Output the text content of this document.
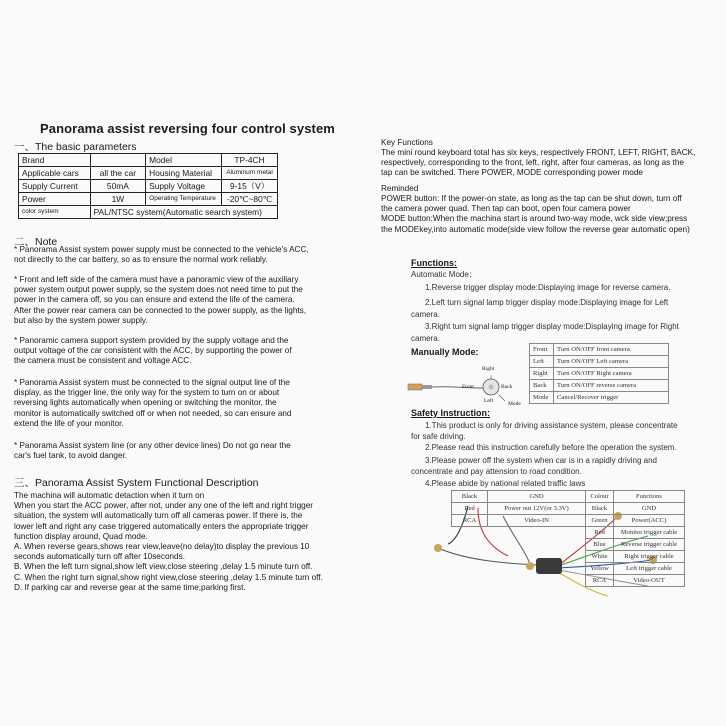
Panorama assist reversing four control system
一、The basic parameters
Brand		Model	TP-4CH
Applicable cars	all the car	Housing Material	Aluminum metal
Supply Current	50mA	Supply Voltage	9-15（V）
Power	1W	Operating Temperature	-20℃~80℃
color system	PAL/NTSC system(Automatic search system)		
二、Note
* Panorama Assist system power supply must be connected to the vehicle's ACC,
not directly to the car battery, so as to ensure the normal work reliably.
* Front and left side of the camera must have a panoramic view of the auxiliary
power system output power supply, so the system does not need time to put the
power in the camera off, so you can ensure and extend the life of the camera.
After the power rear camera can be connected to the power supply, as the lights,
but also by the system power supply.
* Panoramic camera support system provided by the supply voltage and the
output voltage of the car consistent with the ACC, by supporting the power of
the camera must be consistent and voltage ACC.
* Panorama Assist system must be connected to the signal output line of the
display, as the trigger line, the only way for the system to turn on or about
reversing lights automatically when opening or switching the monitor, the
monitor is automatically switched off or when not needed, so can ensure and
extend the life of your monitor.
* Panorama Assist system line (or any other device lines) Do not go near the
car's fuel tank, to avoid danger.
三、Panorama Assist System Functional Description
The machina will automatic detaction when it turn on
When you start the ACC power, after not, under any one of the left and right trigger
situation, the system will automatically turn off all cameras power. If there is, the
lower left and right any case triggered automatically enters the appropriate trigger
function display around, Quad mode.
A. When reverse gears,shows rear view,leave(no delay)to display the previous 10
seconds automatically turn off after 10seconds.
B. When the left turn signal,show left view,close steering ,delay 1.5 minute turn off.
C. When the right turn signal,show right view,close steering ,delay 1.5 minute turn off.
D. If parking car and reverse gear at the same time,parking first.
Key Functions
The mini round keyboard total has six keys, respectively FRONT, LEFT, RIGHT, BACK,
respectively, corresponding to the front, left, right, after four cameras, as long as the
tap can be switched. There POWER, MODE corresponding power mode
Reminded
POWER button: If the power-on state, as long as the tap can be shut down, turn off
the camera power quad. Then tap can boot, open four camera power
MODE button:When the machina start is around two-way mode, wck side view;press
the MODEkey,into automatic mode(side view follow the reverse gear automatic open)
Functions:
Automatic Mode：
1.Reverse trigger display mode:Displaying image for reverse camera.
2.Left turn signal lamp trigger display mode:Displaying image for Left
camera.
3.Right turn signal lamp trigger display mode:Displaying image for Right
camera.
Manually Mode:
Right
Front	Back
Left	Mode
Front	Turn ON/OFF front camera
Left	Turn ON/OFF Left camera
Right	Turn ON/OFF Right camera
Back	Turn ON/OFF reverse camera
Mode	Cancel/Recover trigger
Safety Instruction:
1.This product is only for driving assistance system, please concentrate
for safe driving.
2.Please read this instruction carefully before the operation the system.
3.Please power off the system when car is in a rapidly driving and
concentrate and pay attension to road condition.
4.Please abide by national related traffic laws
Black	GND
Red	Power out 12V(or 3.3V)
RCA	Video-IN
Colour	Functions
Black	GND
Green	Power(ACC)
Red	Monitor trigger cable
Blue	Reverse trigger cable
White	Right trigger cable
Yellow	Left trigger cable
RCA	Video-OUT
